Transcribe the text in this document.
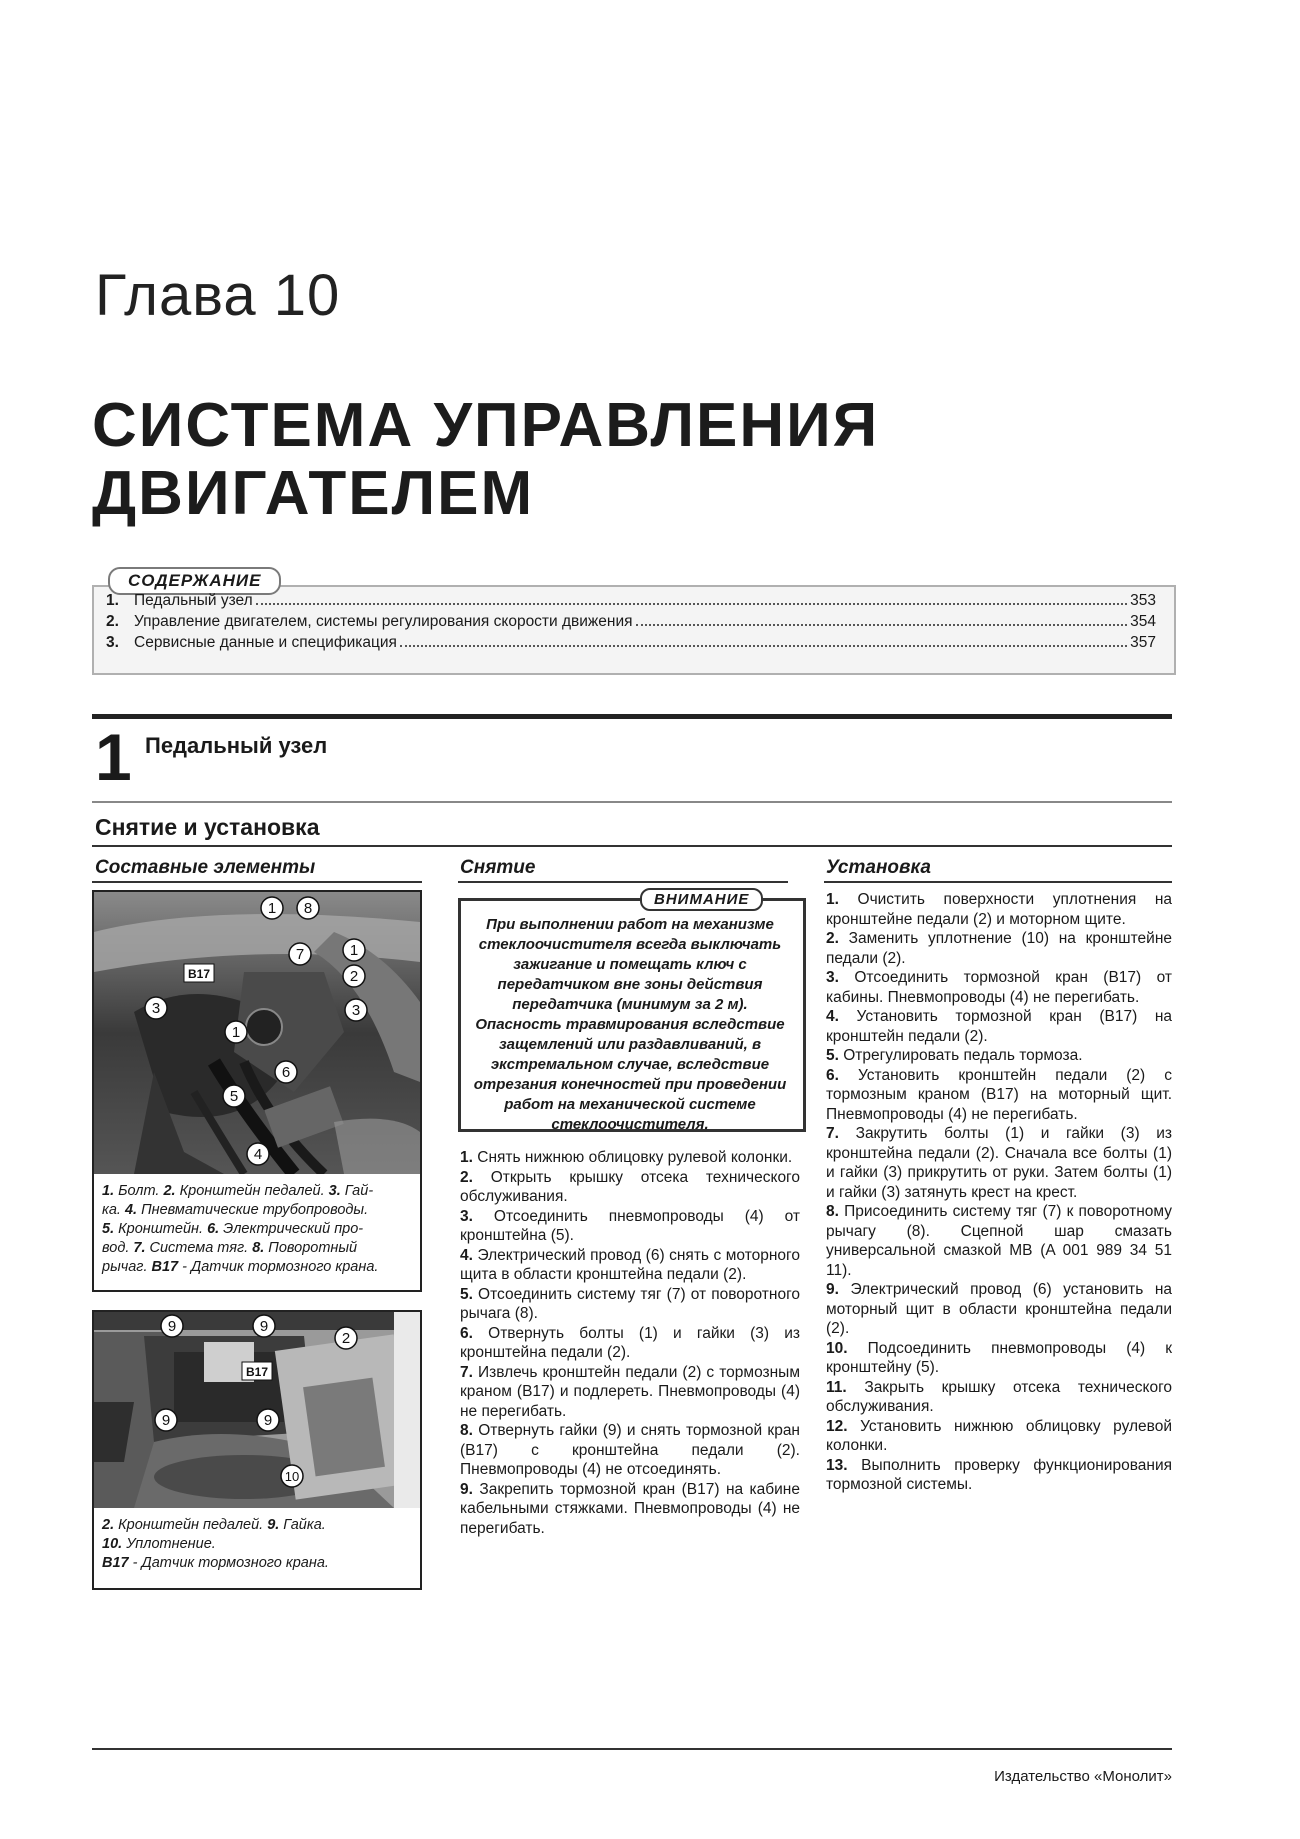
Глава 10
СИСТЕМА УПРАВЛЕНИЯ
ДВИГАТЕЛЕМ
СОДЕРЖАНИЕ
1. Педальный узел	353
2. Управление двигателем, системы регулирования скорости движения	354
3. Сервисные данные и спецификация	357
1 Педальный узел
Снятие и установка
Составные элементы	Снятие	Установка
1. Болт. 2. Кронштейн педалей. 3. Гай-
ка. 4. Пневматические трубопроводы.
5. Кронштейн. 6. Электрический про-
вод. 7. Система тяг. 8. Поворотный
рычаг. B17 - Датчик тормозного крана.
1 8
7	1
B17	2
3	3
1
6
5
4
2. Кронштейн педалей. 9. Гайка.
10. Уплотнение.
B17 - Датчик тормозного крана.
9	9
2
B17
9	9
10
ВНИМАНИЕ
При выполнении работ на механизме стеклоочистителя всегда выключать зажигание и помещать ключ с передатчиком вне зоны действия передатчика (минимум за 2 м).
Опасность травмирования вследствие защемлений или раздавливаний, в экстремальном случае, вследствие отрезания конечностей при проведении работ на механической системе стеклоочистителя.
1. Снять нижнюю облицовку рулевой колонки.
2. Открыть крышку отсека технического обслуживания.
3. Отсоединить пневмопроводы (4) от кронштейна (5).
4. Электрический провод (6) снять с моторного щита в области кронштейна педали (2).
5. Отсоединить систему тяг (7) от поворотного рычага (8).
6. Отвернуть болты (1) и гайки (3) из кронштейна педали (2).
7. Извлечь кронштейн педали (2) с тормозным краном (B17) и подлереть. Пневмопроводы (4) не перегибать.
8. Отвернуть гайки (9) и снять тормозной кран (B17) с кронштейна педали (2). Пневмопроводы (4) не отсоединять.
9. Закрепить тормозной кран (B17) на кабине кабельными стяжками. Пневмопроводы (4) не перегибать.
1. Очистить поверхности уплотнения на кронштейне педали (2) и моторном щите.
2. Заменить уплотнение (10) на кронштейне педали (2).
3. Отсоединить тормозной кран (B17) от кабины. Пневмопроводы (4) не перегибать.
4. Установить тормозной кран (B17) на кронштейн педали (2).
5. Отрегулировать педаль тормоза.
6. Установить кронштейн педали (2) с тормозным краном (B17) на моторный щит. Пневмопроводы (4) не перегибать.
7. Закрутить болты (1) и гайки (3) из кронштейна педали (2). Сначала все болты (1) и гайки (3) прикрутить от руки. Затем болты (1) и гайки (3) затянуть крест на крест.
8. Присоединить систему тяг (7) к поворотному рычагу (8). Сцепной шар смазать универсальной смазкой MB (A 001 989 34 51 11).
9. Электрический провод (6) установить на моторный щит в области кронштейна педали (2).
10. Подсоединить пневмопроводы (4) к кронштейну (5).
11. Закрыть крышку отсека технического обслуживания.
12. Установить нижнюю облицовку рулевой колонки.
13. Выполнить проверку функционирования тормозной системы.
Издательство «Монолит»
